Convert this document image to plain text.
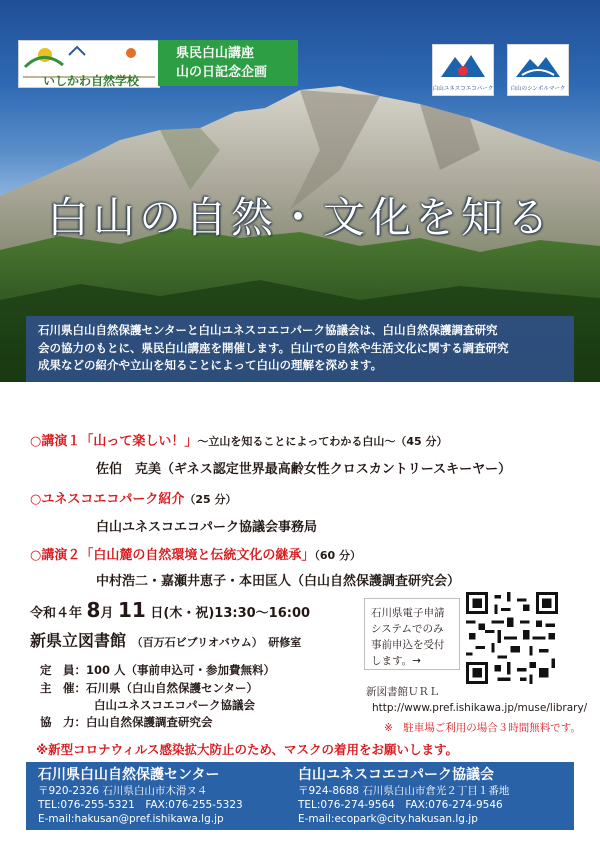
いしかわ自然学校
県民白山講座
山の日記念企画
白山ユネスコエコパーク	白山のシンボルマーク
白山の自然・文化を知る

石川県白山自然保護センターと白山ユネスコエコパーク協議会は、白山自然保護調査研究
会の協力のもとに、県民白山講座を開催します。白山での自然や生活文化に関する調査研究
成果などの紹介や立山を知ることによって白山の理解を深めます。

○講演１「山って楽しい！」～立山を知ることによってわかる白山～（45 分）
佐伯　克美（ギネス認定世界最高齢女性クロスカントリースキーヤー）
○ユネスコエコパーク紹介（25 分）
白山ユネスコエコパーク協議会事務局
○講演２「白山麓の自然環境と伝統文化の継承」（60 分）
中村浩二・嘉瀬井恵子・本田匡人（白山自然保護調査研究会）
令和４年 8月 11 日(木・祝)13:30～16:00
新県立図書館 （百万石ビブリオバウム） 研修室
定　員：100 人（事前申込可・参加費無料）
主　催：石川県（白山自然保護センター）
白山ユネスコエコパーク協議会
協　力：白山自然保護調査研究会

石川県電子申請
システムでのみ
事前申込を受付
します。→

新図書館ＵＲＬ
http://www.pref.ishikawa.jp/muse/library/
※　駐車場ご利用の場合３時間無料です。
※新型コロナウィルス感染拡大防止のため、マスクの着用をお願いします。
石川県白山自然保護センター
〒920-2326 石川県白山市木滑ヌ４
TEL:076-255-5321　FAX:076-255-5323
E-mail:hakusan@pref.ishikawa.lg.jp
白山ユネスコエコパーク協議会
〒924-8688 石川県白山市倉光２丁目１番地
TEL:076-274-9564　FAX:076-274-9546
E-mail:ecopark@city.hakusan.lg.jp
